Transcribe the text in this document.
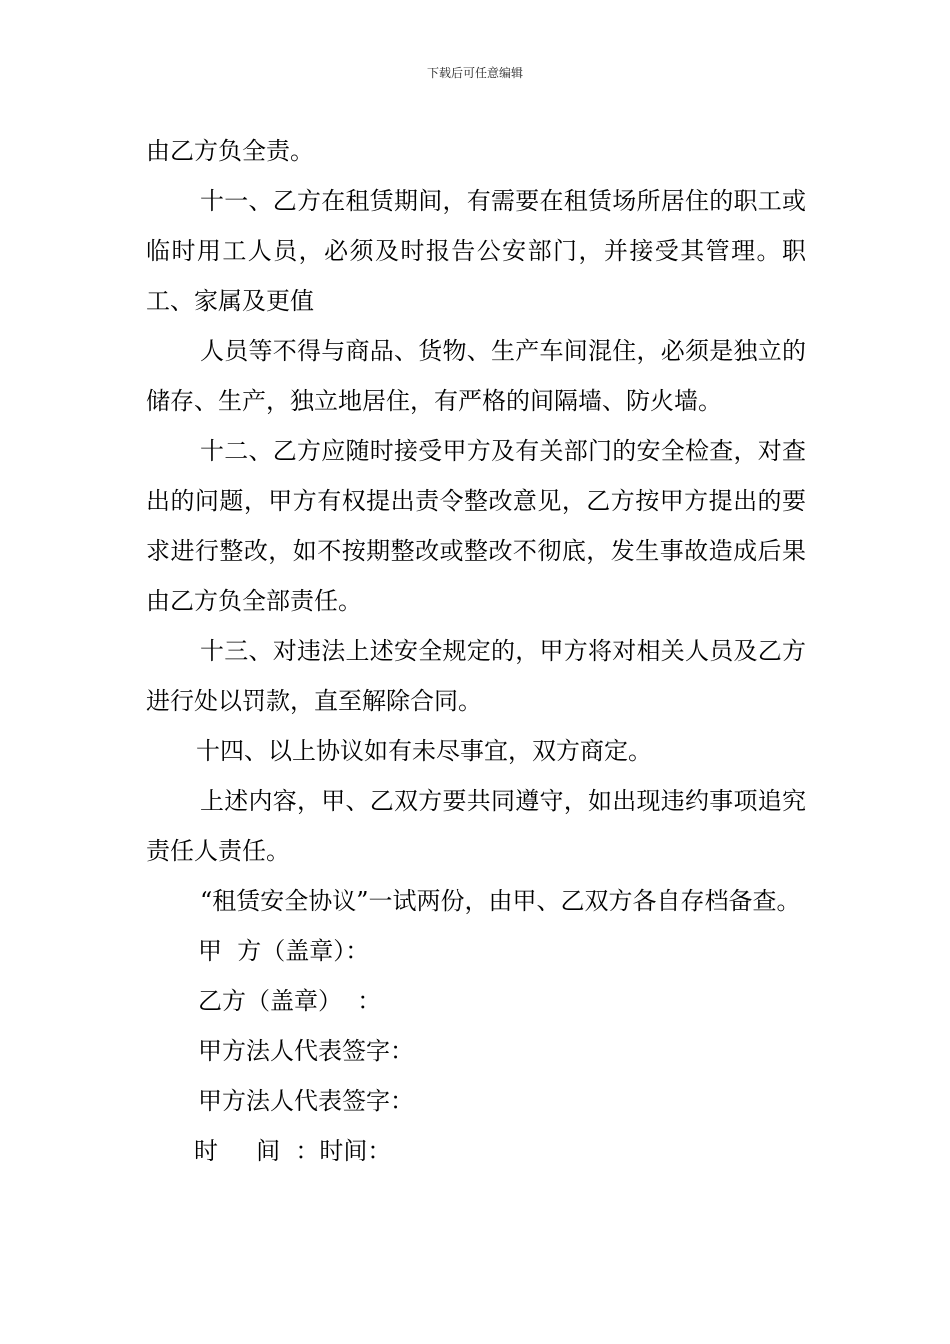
下载后可任意编辑

由乙方负全责。

十一、乙方在租赁期间，有需要在租赁场所居住的职工或临时用工人员，必须及时报告公安部门，并接受其管理。职工、家属及更值

人员等不得与商品、货物、生产车间混住，必须是独立的储存、生产，独立地居住，有严格的间隔墙、防火墙。

十二、乙方应随时接受甲方及有关部门的安全检查，对查出的问题，甲方有权提出责令整改意见，乙方按甲方提出的要求进行整改，如不按期整改或整改不彻底，发生事故造成后果由乙方负全部责任。

十三、对违法上述安全规定的，甲方将对相关人员及乙方进行处以罚款，直至解除合同。

十四、以上协议如有未尽事宜，双方商定。

上述内容，甲、乙双方要共同遵守，如出现违约事项追究责任人责任。

“租赁安全协议”一试两份，由甲、乙双方各自存档备查。

甲  方（盖章）：

乙方（盖章）  ：

甲方法人代表签字：

甲方法人代表签字：

时     间  ：时间：
